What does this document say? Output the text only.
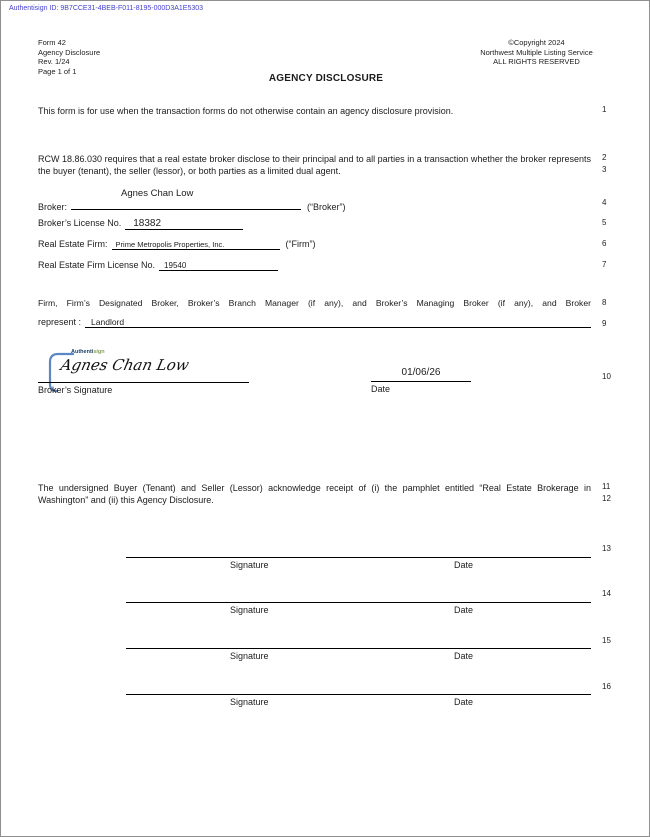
Authentisign ID: 9B7CCE31-4BEB-F011-8195-000D3A1E5303
Form 42
Agency Disclosure
Rev. 1/24
Page 1 of 1
©Copyright 2024
Northwest Multiple Listing Service
ALL RIGHTS RESERVED
AGENCY DISCLOSURE
This form is for use when the transaction forms do not otherwise contain an agency disclosure provision.	1
RCW 18.86.030 requires that a real estate broker disclose to their principal and to all parties in a transaction whether the broker represents the buyer (tenant), the seller (lessor), or both parties as a limited dual agent.
2
3
Broker:
Agnes Chan Low
(“Broker”)	4
Broker’s License No.	18382	5
Real Estate Firm:	Prime Metropolis Properties, Inc.	(“Firm”)	6
Real Estate Firm License No.	19540	7
Firm, Firm’s Designated Broker, Broker’s Branch Manager (if any), and Broker’s Managing Broker (if any), and Broker 8
represent :	Landlord	9
Authentisign
Agnes Chan Low
Broker’s Signature
01/06/26
Date
10
The undersigned Buyer (Tenant) and Seller (Lessor) acknowledge receipt of (i) the pamphlet entitled “Real Estate Brokerage in Washington” and (ii) this Agency Disclosure.
11
12
Signature	Date
13
Signature	Date
14
Signature	Date
15
Signature	Date
16
